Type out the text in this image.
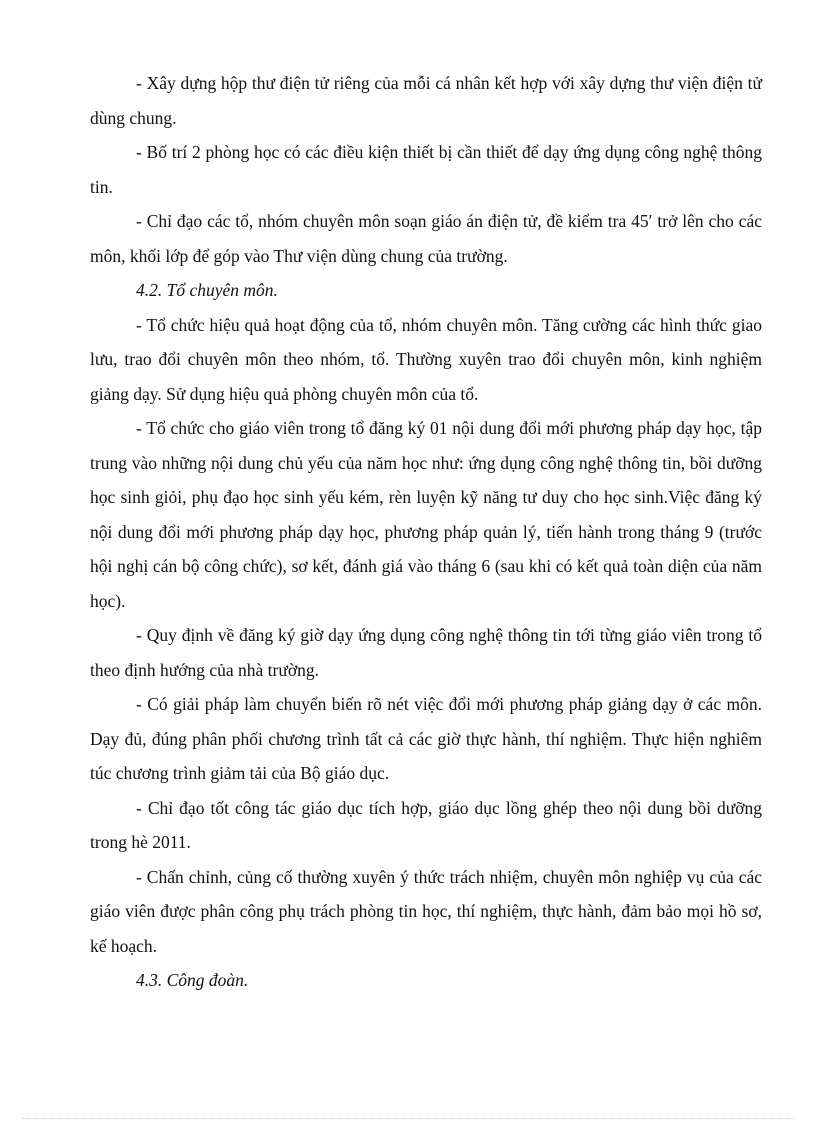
- Xây dựng hộp thư điện tử riêng của mỗi cá nhân kết hợp với xây dựng thư viện điện tử dùng chung.

- Bố trí 2 phòng học có các điều kiện thiết bị cần thiết để dạy ứng dụng công nghệ thông tin.

- Chỉ đạo các tổ, nhóm chuyên môn soạn giáo án điện tử, đề kiểm tra 45′ trở lên cho các môn, khối lớp để góp vào Thư viện dùng chung của trường.

4.2. Tổ chuyên môn.

- Tổ chức hiệu quả hoạt động của tổ, nhóm chuyên môn. Tăng cường các hình thức giao lưu, trao đổi chuyên môn theo nhóm, tổ. Thường xuyên trao đổi chuyên môn, kinh nghiệm giảng dạy. Sử dụng hiệu quả phòng chuyên môn của tổ.

- Tổ chức cho giáo viên trong tổ đăng ký 01 nội dung đổi mới phương pháp dạy học, tập trung vào những nội dung chủ yếu của năm học như: ứng dụng công nghệ thông tin, bồi dưỡng học sinh giỏi, phụ đạo học sinh yếu kém, rèn luyện kỹ năng tư duy cho học sinh.Việc đăng ký nội dung đổi mới phương pháp dạy học, phương pháp quản lý, tiến hành trong tháng 9 (trước hội nghị cán bộ công chức), sơ kết, đánh giá vào tháng 6 (sau khi có kết quả toàn diện của năm học).

- Quy định về đăng ký giờ dạy ứng dụng công nghệ thông tin tới từng giáo viên trong tổ theo định hướng của nhà trường.

- Có giải pháp làm chuyển biến rõ nét việc đổi mới phương pháp giảng dạy ở các môn. Dạy đủ, đúng phân phối chương trình tất cả các giờ thực hành, thí nghiệm. Thực hiện nghiêm túc chương trình giảm tải của Bộ giáo dục.

- Chỉ đạo tốt công tác giáo dục tích hợp, giáo dục lồng ghép theo nội dung bồi dưỡng trong hè 2011.

- Chấn chỉnh, củng cố thường xuyên ý thức trách nhiệm, chuyên môn nghiệp vụ của các giáo viên được phân công phụ trách phòng tin học, thí nghiệm, thực hành, đảm bảo mọi hồ sơ, kế hoạch.

4.3. Công đoàn.
